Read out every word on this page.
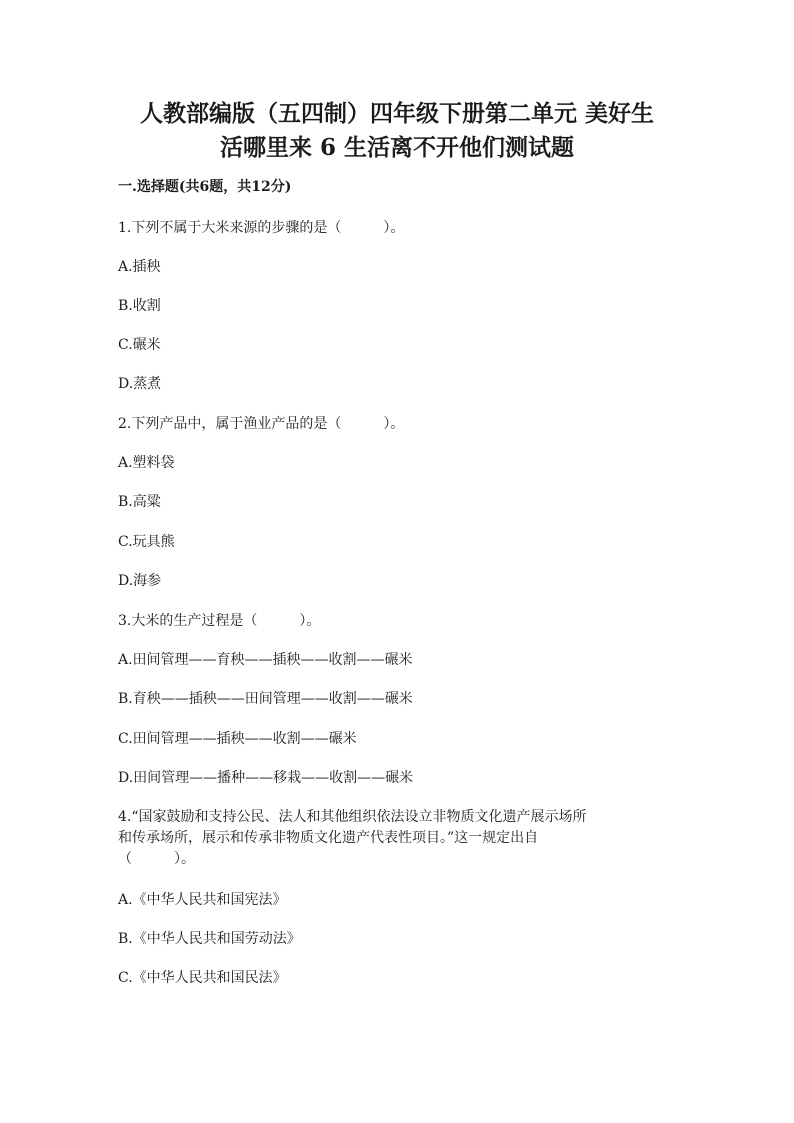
人教部编版（五四制）四年级下册第二单元 美好生
活哪里来 6 生活离不开他们测试题

一.选择题(共6题，共12分)

1.下列不属于大米来源的步骤的是（　　　）。

A.插秧

B.收割

C.碾米

D.蒸煮

2.下列产品中，属于渔业产品的是（　　　）。

A.塑料袋

B.高粱

C.玩具熊

D.海参

3.大米的生产过程是（　　　）。

A.田间管理——育秧——插秧——收割——碾米

B.育秧——插秧——田间管理——收割——碾米

C.田间管理——插秧——收割——碾米

D.田间管理——播种——移栽——收割——碾米

4.“国家鼓励和支持公民、法人和其他组织依法设立非物质文化遗产展示场所
和传承场所，展示和传承非物质文化遗产代表性项目。”这一规定出自
（　　　）。

A.《中华人民共和国宪法》

B.《中华人民共和国劳动法》

C.《中华人民共和国民法》
